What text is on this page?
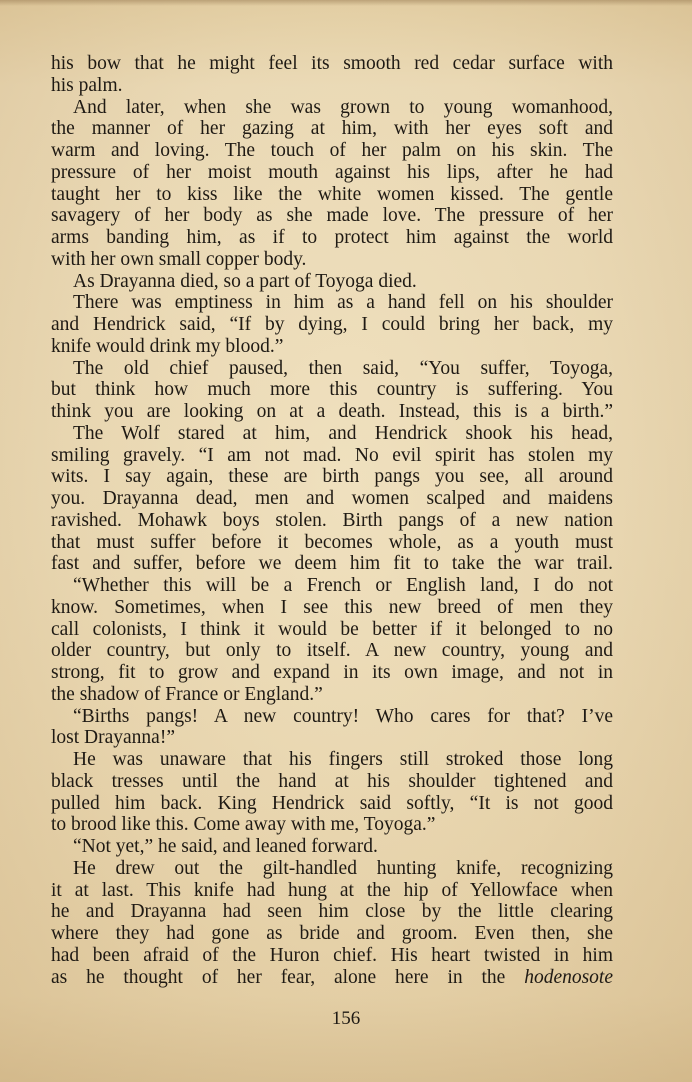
his bow that he might feel its smooth red cedar surface with
his palm.
And later, when she was grown to young womanhood,
the manner of her gazing at him, with her eyes soft and
warm and loving. The touch of her palm on his skin. The
pressure of her moist mouth against his lips, after he had
taught her to kiss like the white women kissed. The gentle
savagery of her body as she made love. The pressure of her
arms banding him, as if to protect him against the world
with her own small copper body.
As Drayanna died, so a part of Toyoga died.
There was emptiness in him as a hand fell on his shoulder
and Hendrick said, “If by dying, I could bring her back, my
knife would drink my blood.”
The old chief paused, then said, “You suffer, Toyoga,
but think how much more this country is suffering. You
think you are looking on at a death. Instead, this is a birth.”
The Wolf stared at him, and Hendrick shook his head,
smiling gravely. “I am not mad. No evil spirit has stolen my
wits. I say again, these are birth pangs you see, all around
you. Drayanna dead, men and women scalped and maidens
ravished. Mohawk boys stolen. Birth pangs of a new nation
that must suffer before it becomes whole, as a youth must
fast and suffer, before we deem him fit to take the war trail.
“Whether this will be a French or English land, I do not
know. Sometimes, when I see this new breed of men they
call colonists, I think it would be better if it belonged to no
older country, but only to itself. A new country, young and
strong, fit to grow and expand in its own image, and not in
the shadow of France or England.”
“Births pangs! A new country! Who cares for that? I’ve
lost Drayanna!”
He was unaware that his fingers still stroked those long
black tresses until the hand at his shoulder tightened and
pulled him back. King Hendrick said softly, “It is not good
to brood like this. Come away with me, Toyoga.”
“Not yet,” he said, and leaned forward.
He drew out the gilt-handled hunting knife, recognizing
it at last. This knife had hung at the hip of Yellowface when
he and Drayanna had seen him close by the little clearing
where they had gone as bride and groom. Even then, she
had been afraid of the Huron chief. His heart twisted in him
as he thought of her fear, alone here in the hodenosote
156
